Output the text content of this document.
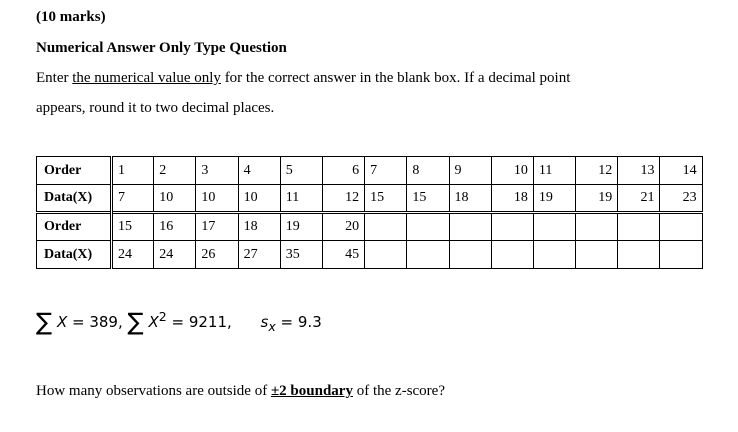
(10 marks)
Numerical Answer Only Type Question
Enter the numerical value only for the correct answer in the blank box. If a decimal point
appears, round it to two decimal places.
Order	1	2	3	4	5	6	7	8	9	10	11	12	13	14
Data(X)	7	10	10	10	11	12	15	15	18	18	19	19	21	23
Order	15	16	17	18	19	20								
Data(X)	24	24	26	27	35	45								
∑ X = 389, ∑ $X^2 = 9211$, $s_x = 9.3$
How many observations are outside of ±2 boundary of the z-score?
